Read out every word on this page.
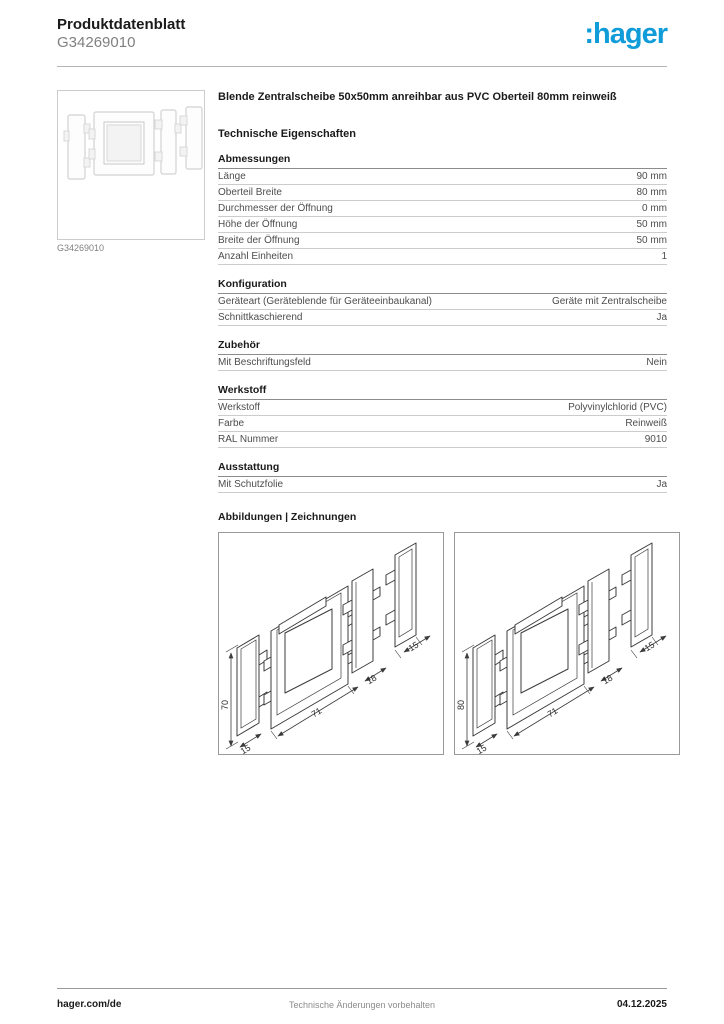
Produktdatenblatt
G34269010	:hager
G34269010
Blende Zentralscheibe 50x50mm anreihbar aus PVC Oberteil 80mm reinweiß
Technische Eigenschaften
Abmessungen
Länge	90 mm
Oberteil Breite	80 mm
Durchmesser der Öffnung	0 mm
Höhe der Öffnung	50 mm
Breite der Öffnung	50 mm
Anzahl Einheiten	1
Konfiguration
Geräteart (Geräteblende für Geräteeinbaukanal)	Geräte mit Zentralscheibe
Schnittkaschierend	Ja
Zubehör
Mit Beschriftungsfeld	Nein
Werkstoff
Werkstoff	Polyvinylchlorid (PVC)
Farbe	Reinweiß
RAL Nummer	9010
Ausstattung
Mit Schutzfolie	Ja
Abbildungen | Zeichnungen
70
15
71
18
15
80
15
71
18
15
hager.com/de	Technische Änderungen vorbehalten	04.12.2025
